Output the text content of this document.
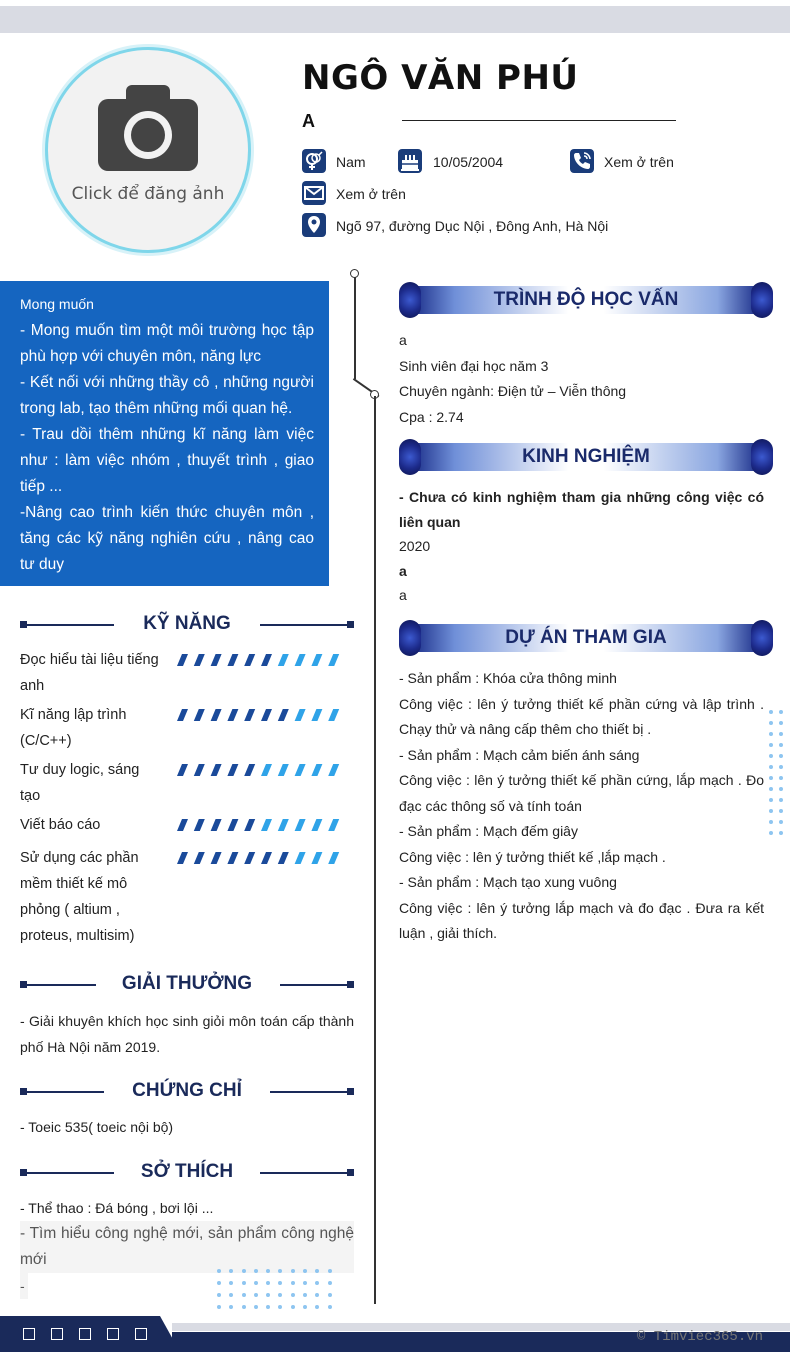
Click để đăng ảnh
NGÔ VĂN PHÚ
A
Nam	10/05/2004	Xem ở trên
Xem ở trên
Ngõ 97, đường Dục Nội , Đông Anh, Hà Nội
Mong muốn

- Mong muốn tìm một môi trường học tập phù hợp với chuyên môn, năng lực

- Kết nối với những thầy cô , những người trong lab, tạo thêm những mối quan hệ.

- Trau dồi thêm những kĩ năng làm việc như : làm việc nhóm , thuyết trình , giao tiếp ...

-Nâng cao trình kiến thức chuyên môn , tăng các kỹ năng nghiên cứu , nâng cao tư duy

KỸ NĂNG
Đọc hiểu tài liệu tiếng anh
Kĩ năng lập trình (C/C++)
Tư duy logic, sáng tạo
Viết báo cáo
Sử dụng các phần mềm thiết kế mô phỏng ( altium , proteus, multisim)
GIẢI THƯỞNG
- Giải khuyên khích học sinh giỏi môn toán cấp thành phố Hà Nội năm 2019.
CHỨNG CHỈ
- Toeic 535( toeic nội bộ)
SỞ THÍCH
- Thể thao : Đá bóng , bơi lội ...
- Tìm hiểu công nghệ mới, sản phẩm công nghệ mới
-
TRÌNH ĐỘ HỌC VẤN

a

Sinh viên đại học năm 3

Chuyên ngành: Điện tử – Viễn thông

Cpa : 2.74

KINH NGHIỆM

- Chưa có kinh nghiệm tham gia những công việc có liên quan

2020

a

a

DỰ ÁN THAM GIA

- Sản phẩm : Khóa cửa thông minh

Công việc : lên ý tưởng thiết kế phần cứng và lập trình . Chạy thử và nâng cấp thêm cho thiết bị .

- Sản phẩm : Mạch cảm biến ánh sáng

Công việc : lên ý tưởng thiết kế phần cứng, lắp mạch . Đo đạc các thông số và tính toán

- Sản phẩm : Mạch đếm giây

Công việc : lên ý tưởng thiết kế ,lắp mạch .

- Sản phẩm : Mạch tạo xung vuông

Công việc : lên ý tưởng lắp mạch và đo đạc . Đưa ra kết luận , giải thích.

© Timviec365.vn
